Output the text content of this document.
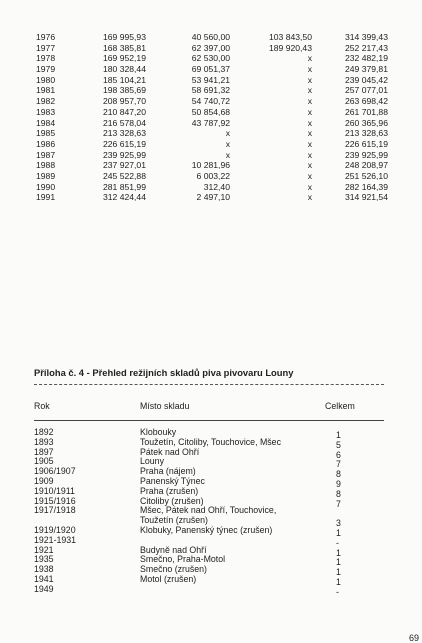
1976	169 995,93	40 560,00	103 843,50	314 399,43
1977	168 385,81	62 397,00	189 920,43	252 217,43
1978	169 952,19	62 530,00	x	232 482,19
1979	180 328,44	69 051,37	x	249 379,81
1980	185 104,21	53 941,21	x	239 045,42
1981	198 385,69	58 691,32	x	257 077,01
1982	208 957,70	54 740,72	x	263 698,42
1983	210 847,20	50 854,68	x	261 701,88
1984	216 578,04	43 787,92	x	260 365,96
1985	213 328,63	x	x	213 328,63
1986	226 615,19	x	x	226 615,19
1987	239 925,99	x	x	239 925,99
1988	237 927,01	10 281,96	x	248 208,97
1989	245 522,88	6 003,22	x	251 526,10
1990	281 851,99	312,40	x	282 164,39
1991	312 424,44	2 497,10	x	314 921,54
Příloha č. 4 - Přehled režijních skladů piva pivovaru Louny
Rok	Místo skladu	Celkem
1892	Klobouky	1
1893	Toužetín, Citoliby, Touchovice, Mšec	5
1897	Pátek nad Ohří	6
1905	Louny	7
1906/1907	Praha (nájem)	8
1909	Panenský Týnec	9
1910/1911	Praha (zrušen)	8
1915/1916	Citoliby (zrušen)	7
1917/1918	Mšec, Pátek nad Ohří, Touchovice,
Toužetín (zrušen)	3
1919/1920	Klobuky, Panenský týnec (zrušen)	1
1921-1931	-
1921	Budyně nad Ohří	1
1935	Smečno, Praha-Motol	1
1938	Smečno (zrušen)	1
1941	Motol (zrušen)	1
1949	-
69
